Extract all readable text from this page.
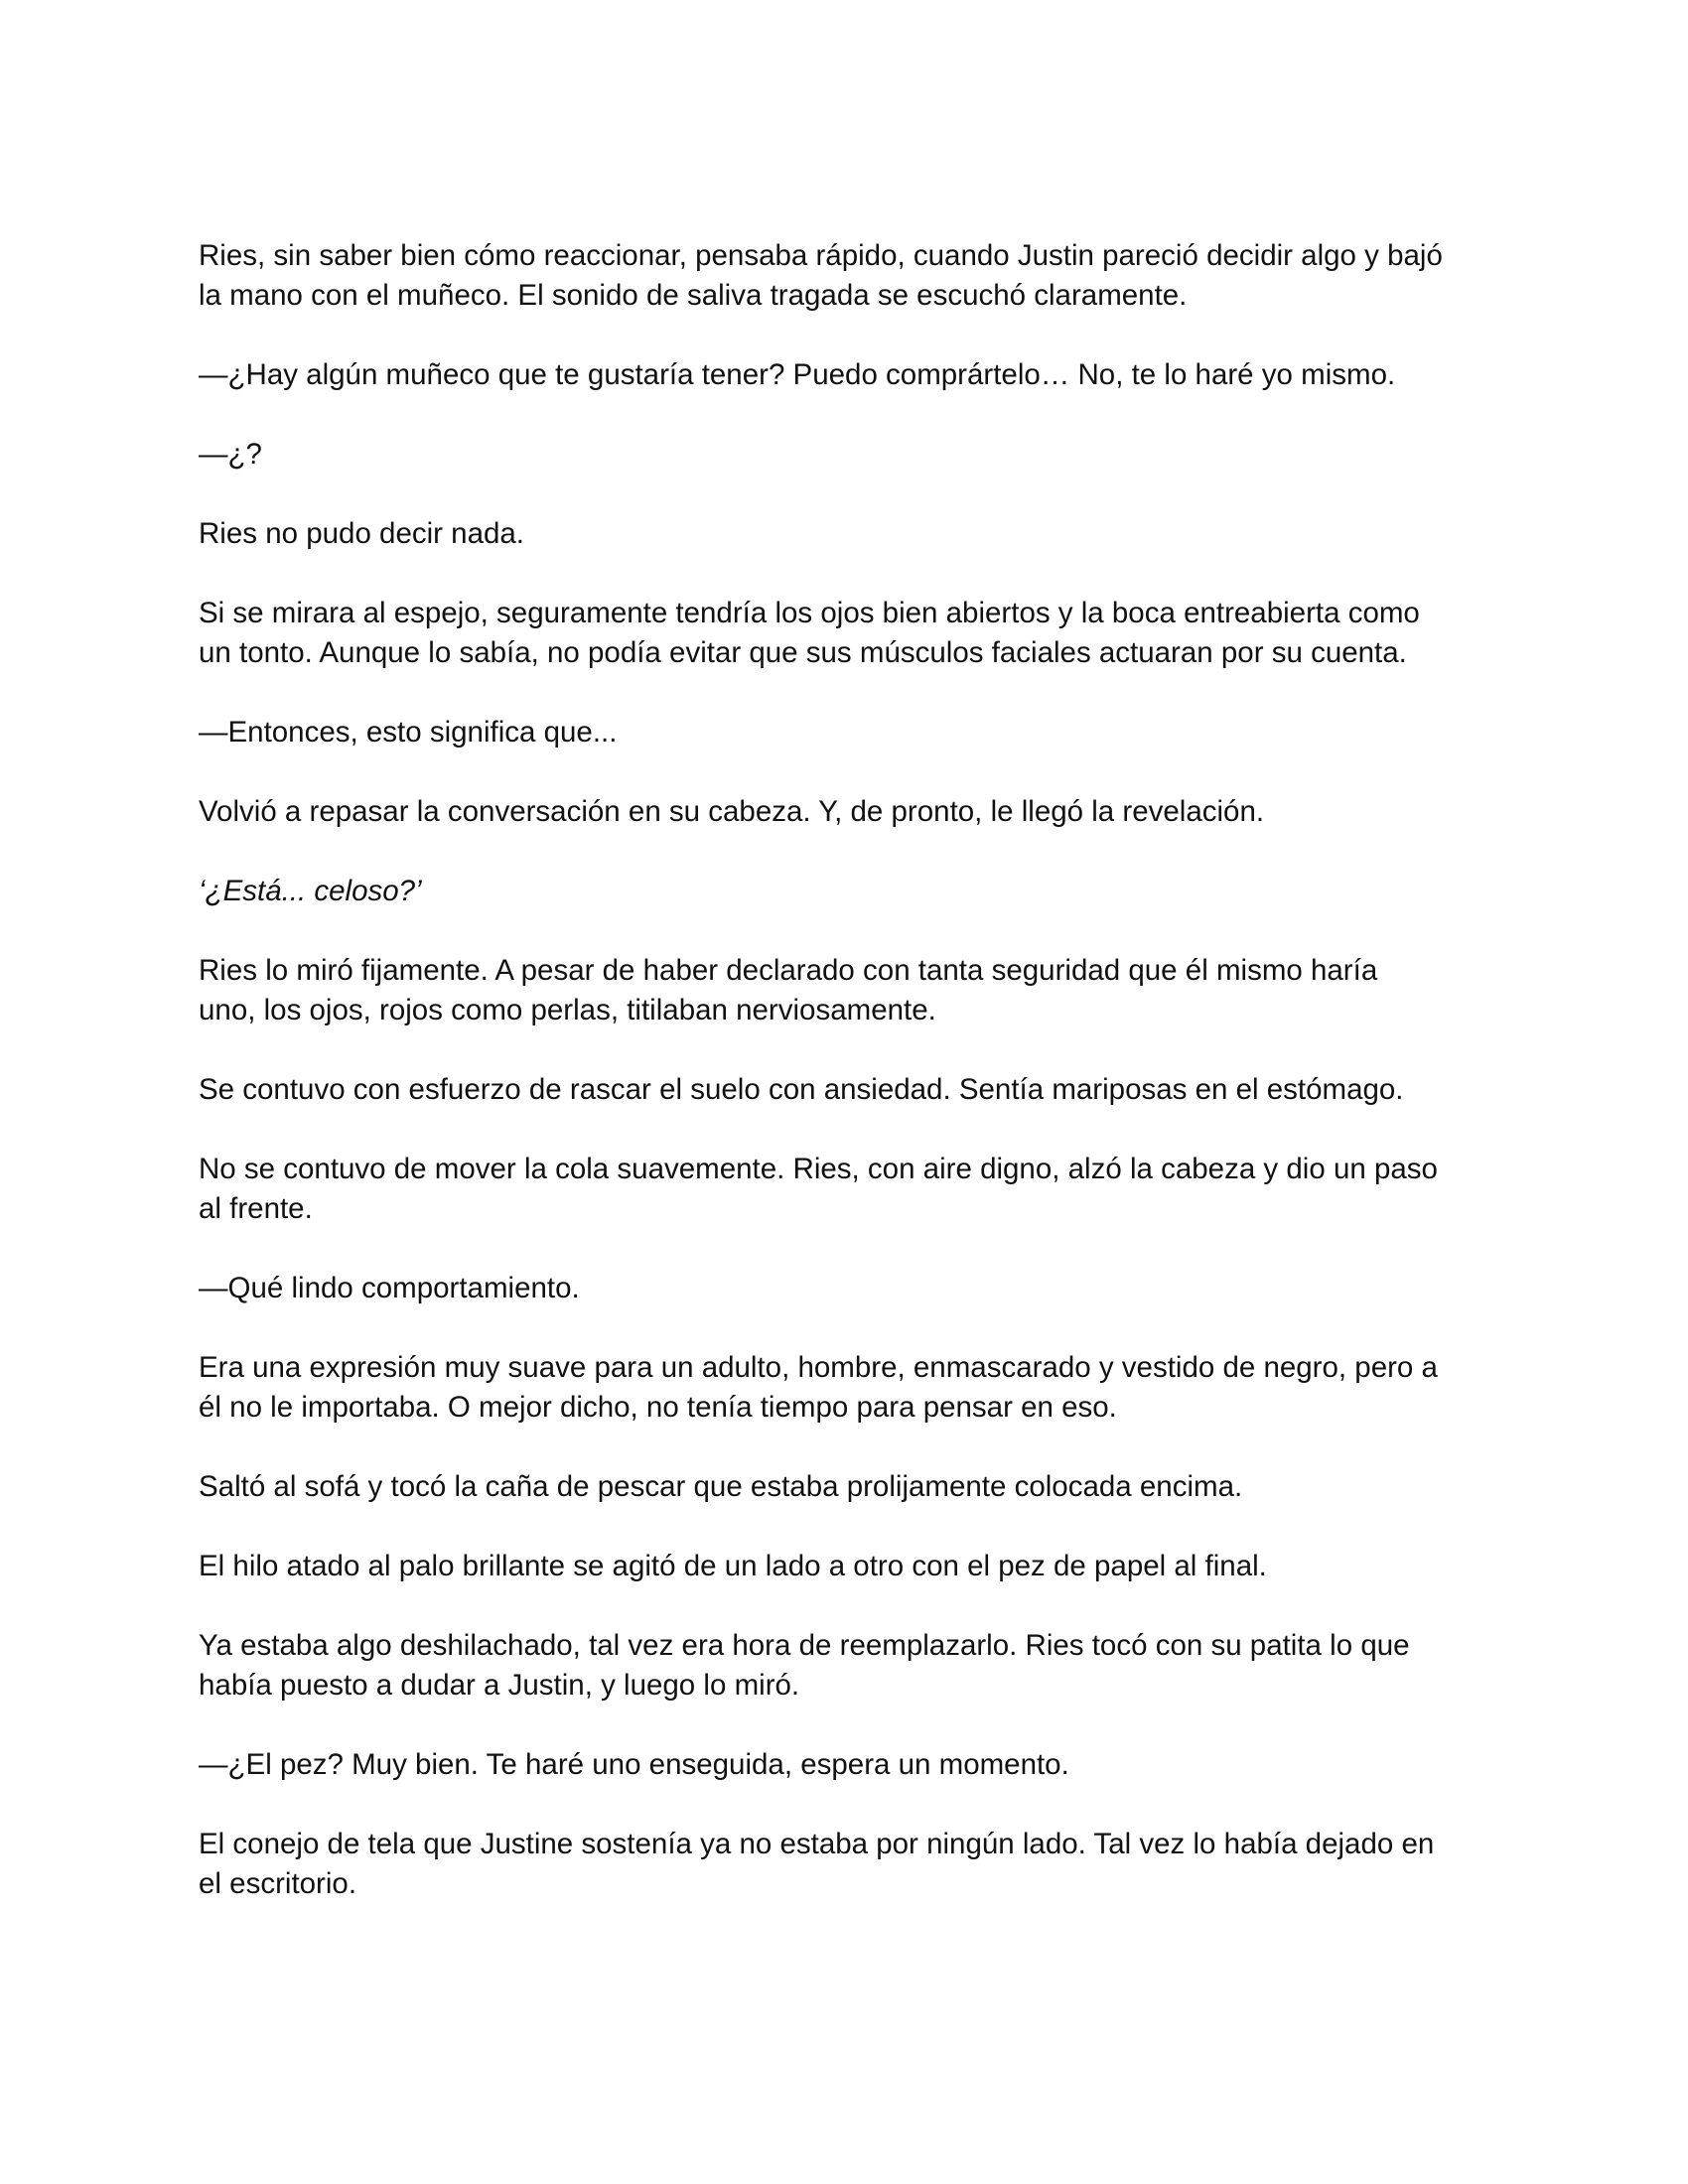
Ries, sin saber bien cómo reaccionar, pensaba rápido, cuando Justin pareció decidir algo y bajó
la mano con el muñeco. El sonido de saliva tragada se escuchó claramente.

—¿Hay algún muñeco que te gustaría tener? Puedo comprártelo… No, te lo haré yo mismo.

—¿?

Ries no pudo decir nada.

Si se mirara al espejo, seguramente tendría los ojos bien abiertos y la boca entreabierta como
un tonto. Aunque lo sabía, no podía evitar que sus músculos faciales actuaran por su cuenta.

—Entonces, esto significa que...

Volvió a repasar la conversación en su cabeza. Y, de pronto, le llegó la revelación.

‘¿Está... celoso?’

Ries lo miró fijamente. A pesar de haber declarado con tanta seguridad que él mismo haría
uno, los ojos, rojos como perlas, titilaban nerviosamente.

Se contuvo con esfuerzo de rascar el suelo con ansiedad. Sentía mariposas en el estómago.

No se contuvo de mover la cola suavemente. Ries, con aire digno, alzó la cabeza y dio un paso
al frente.

—Qué lindo comportamiento.

Era una expresión muy suave para un adulto, hombre, enmascarado y vestido de negro, pero a
él no le importaba. O mejor dicho, no tenía tiempo para pensar en eso.

Saltó al sofá y tocó la caña de pescar que estaba prolijamente colocada encima.

El hilo atado al palo brillante se agitó de un lado a otro con el pez de papel al final.

Ya estaba algo deshilachado, tal vez era hora de reemplazarlo. Ries tocó con su patita lo que
había puesto a dudar a Justin, y luego lo miró.

—¿El pez? Muy bien. Te haré uno enseguida, espera un momento.

El conejo de tela que Justine sostenía ya no estaba por ningún lado. Tal vez lo había dejado en
el escritorio.
